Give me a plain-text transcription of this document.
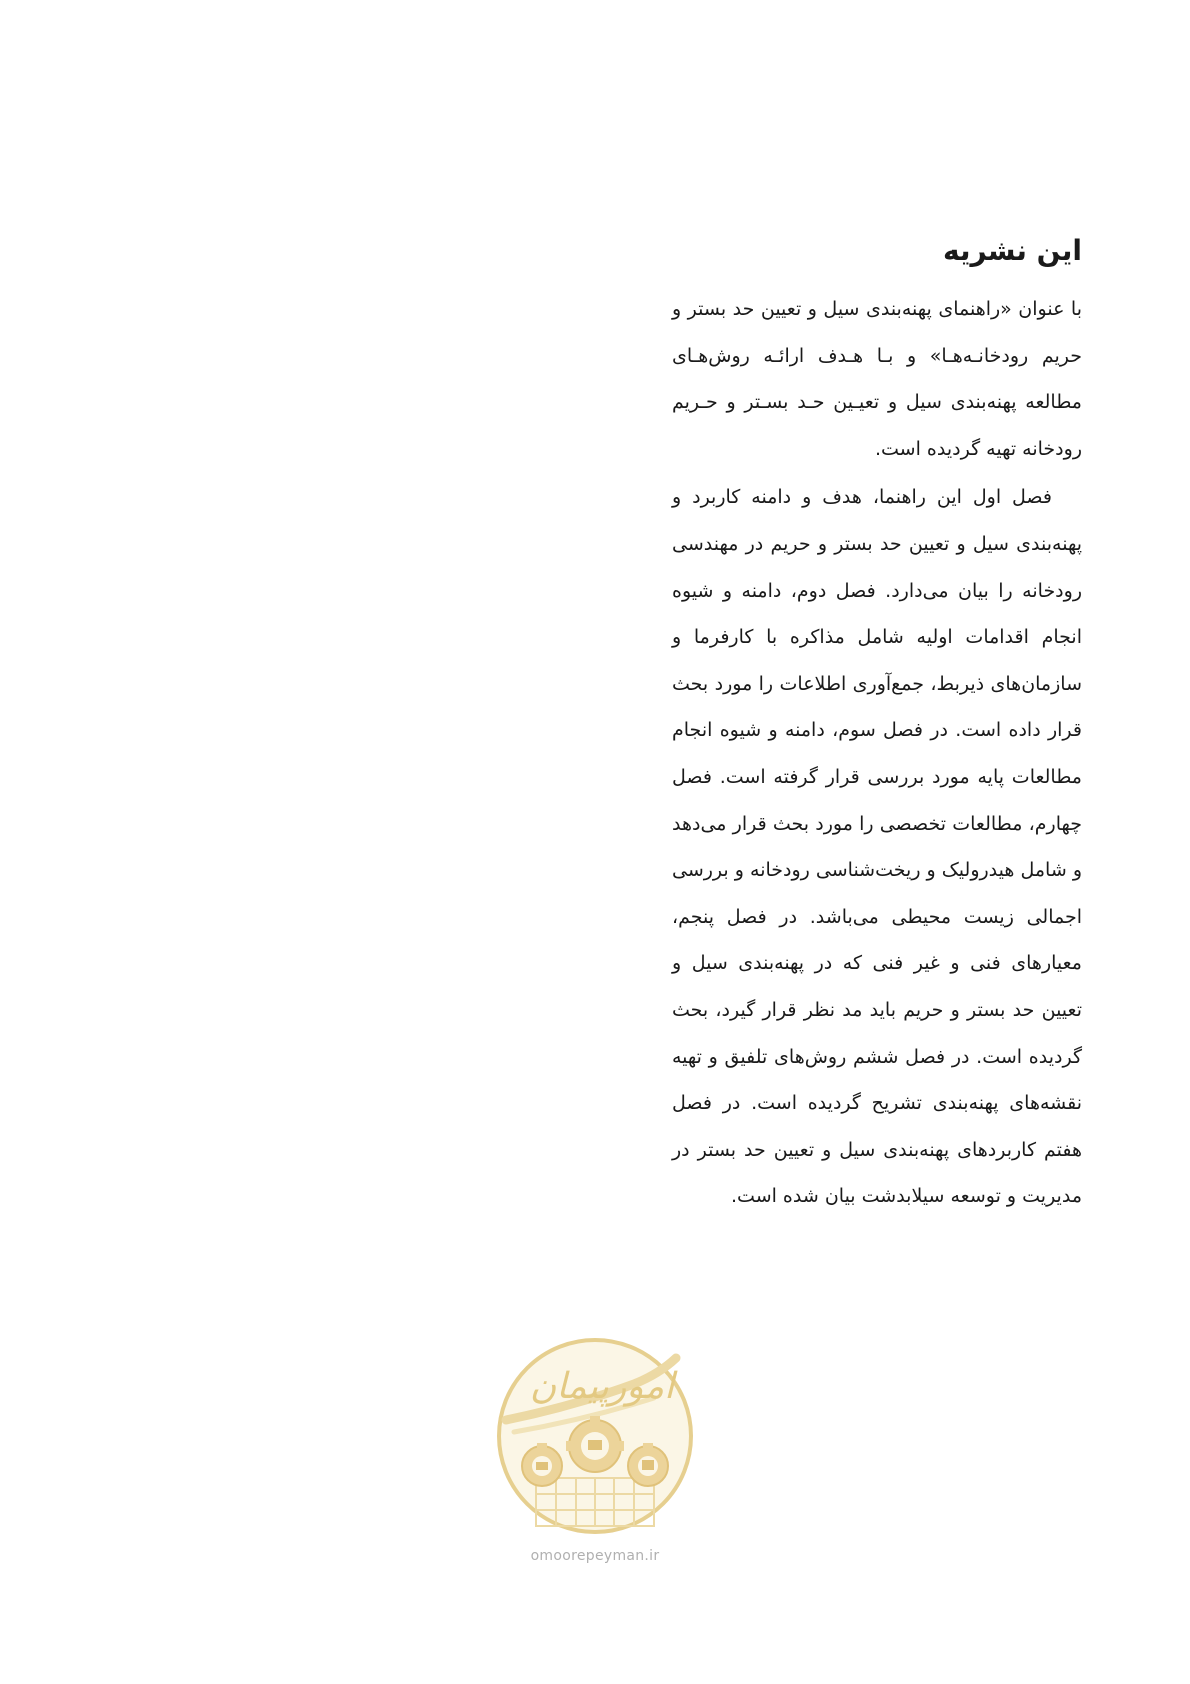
این نشریه

با عنوان «راهنمای پهنه‌بندی سیل و تعیین حد بستر و حریم رودخانـه‌هـا» و بـا هـدف ارائـه روش‌هـای مطالعه پهنه‌بندی سیل و تعیـین حـد بسـتر و حـریم رودخانه تهیه گردیده است.

فصل اول این راهنما، هدف و دامنه کاربرد و پهنه‌بندی سیل و تعیین حد بستر و حریم در مهندسی رودخانه را بیان می‌دارد. فصل دوم، دامنه و شیوه انجام اقدامات اولیه شامل مذاکره با کارفرما و سازمان‌های ذیربط، جمع‌آوری اطلاعات را مورد بحث قرار داده است. در فصل سوم، دامنه و شیوه انجام مطالعات پایه مورد بررسی قرار گرفته است. فصل چهارم، مطالعات تخصصی را مورد بحث قرار می‌دهد و شامل هیدرولیک و ریخت‌شناسی رودخانه و بررسی اجمالی زیست محیطی می‌باشد. در فصل پنجم، معیارهای فنی و غیر فنی که در پهنه‌بندی سیل و تعیین حد بستر و حریم باید مد نظر قرار گیرد، بحث گردیده است. در فصل ششم روش‌های تلفیق و تهیه نقشه‌های پهنه‌بندی تشریح گردیده است. در فصل هفتم کاربردهای پهنه‌بندی سیل و تعیین حد بستر در مدیریت و توسعه سیلابدشت بیان شده است.

امورپیمان
omoorepeyman.ir
